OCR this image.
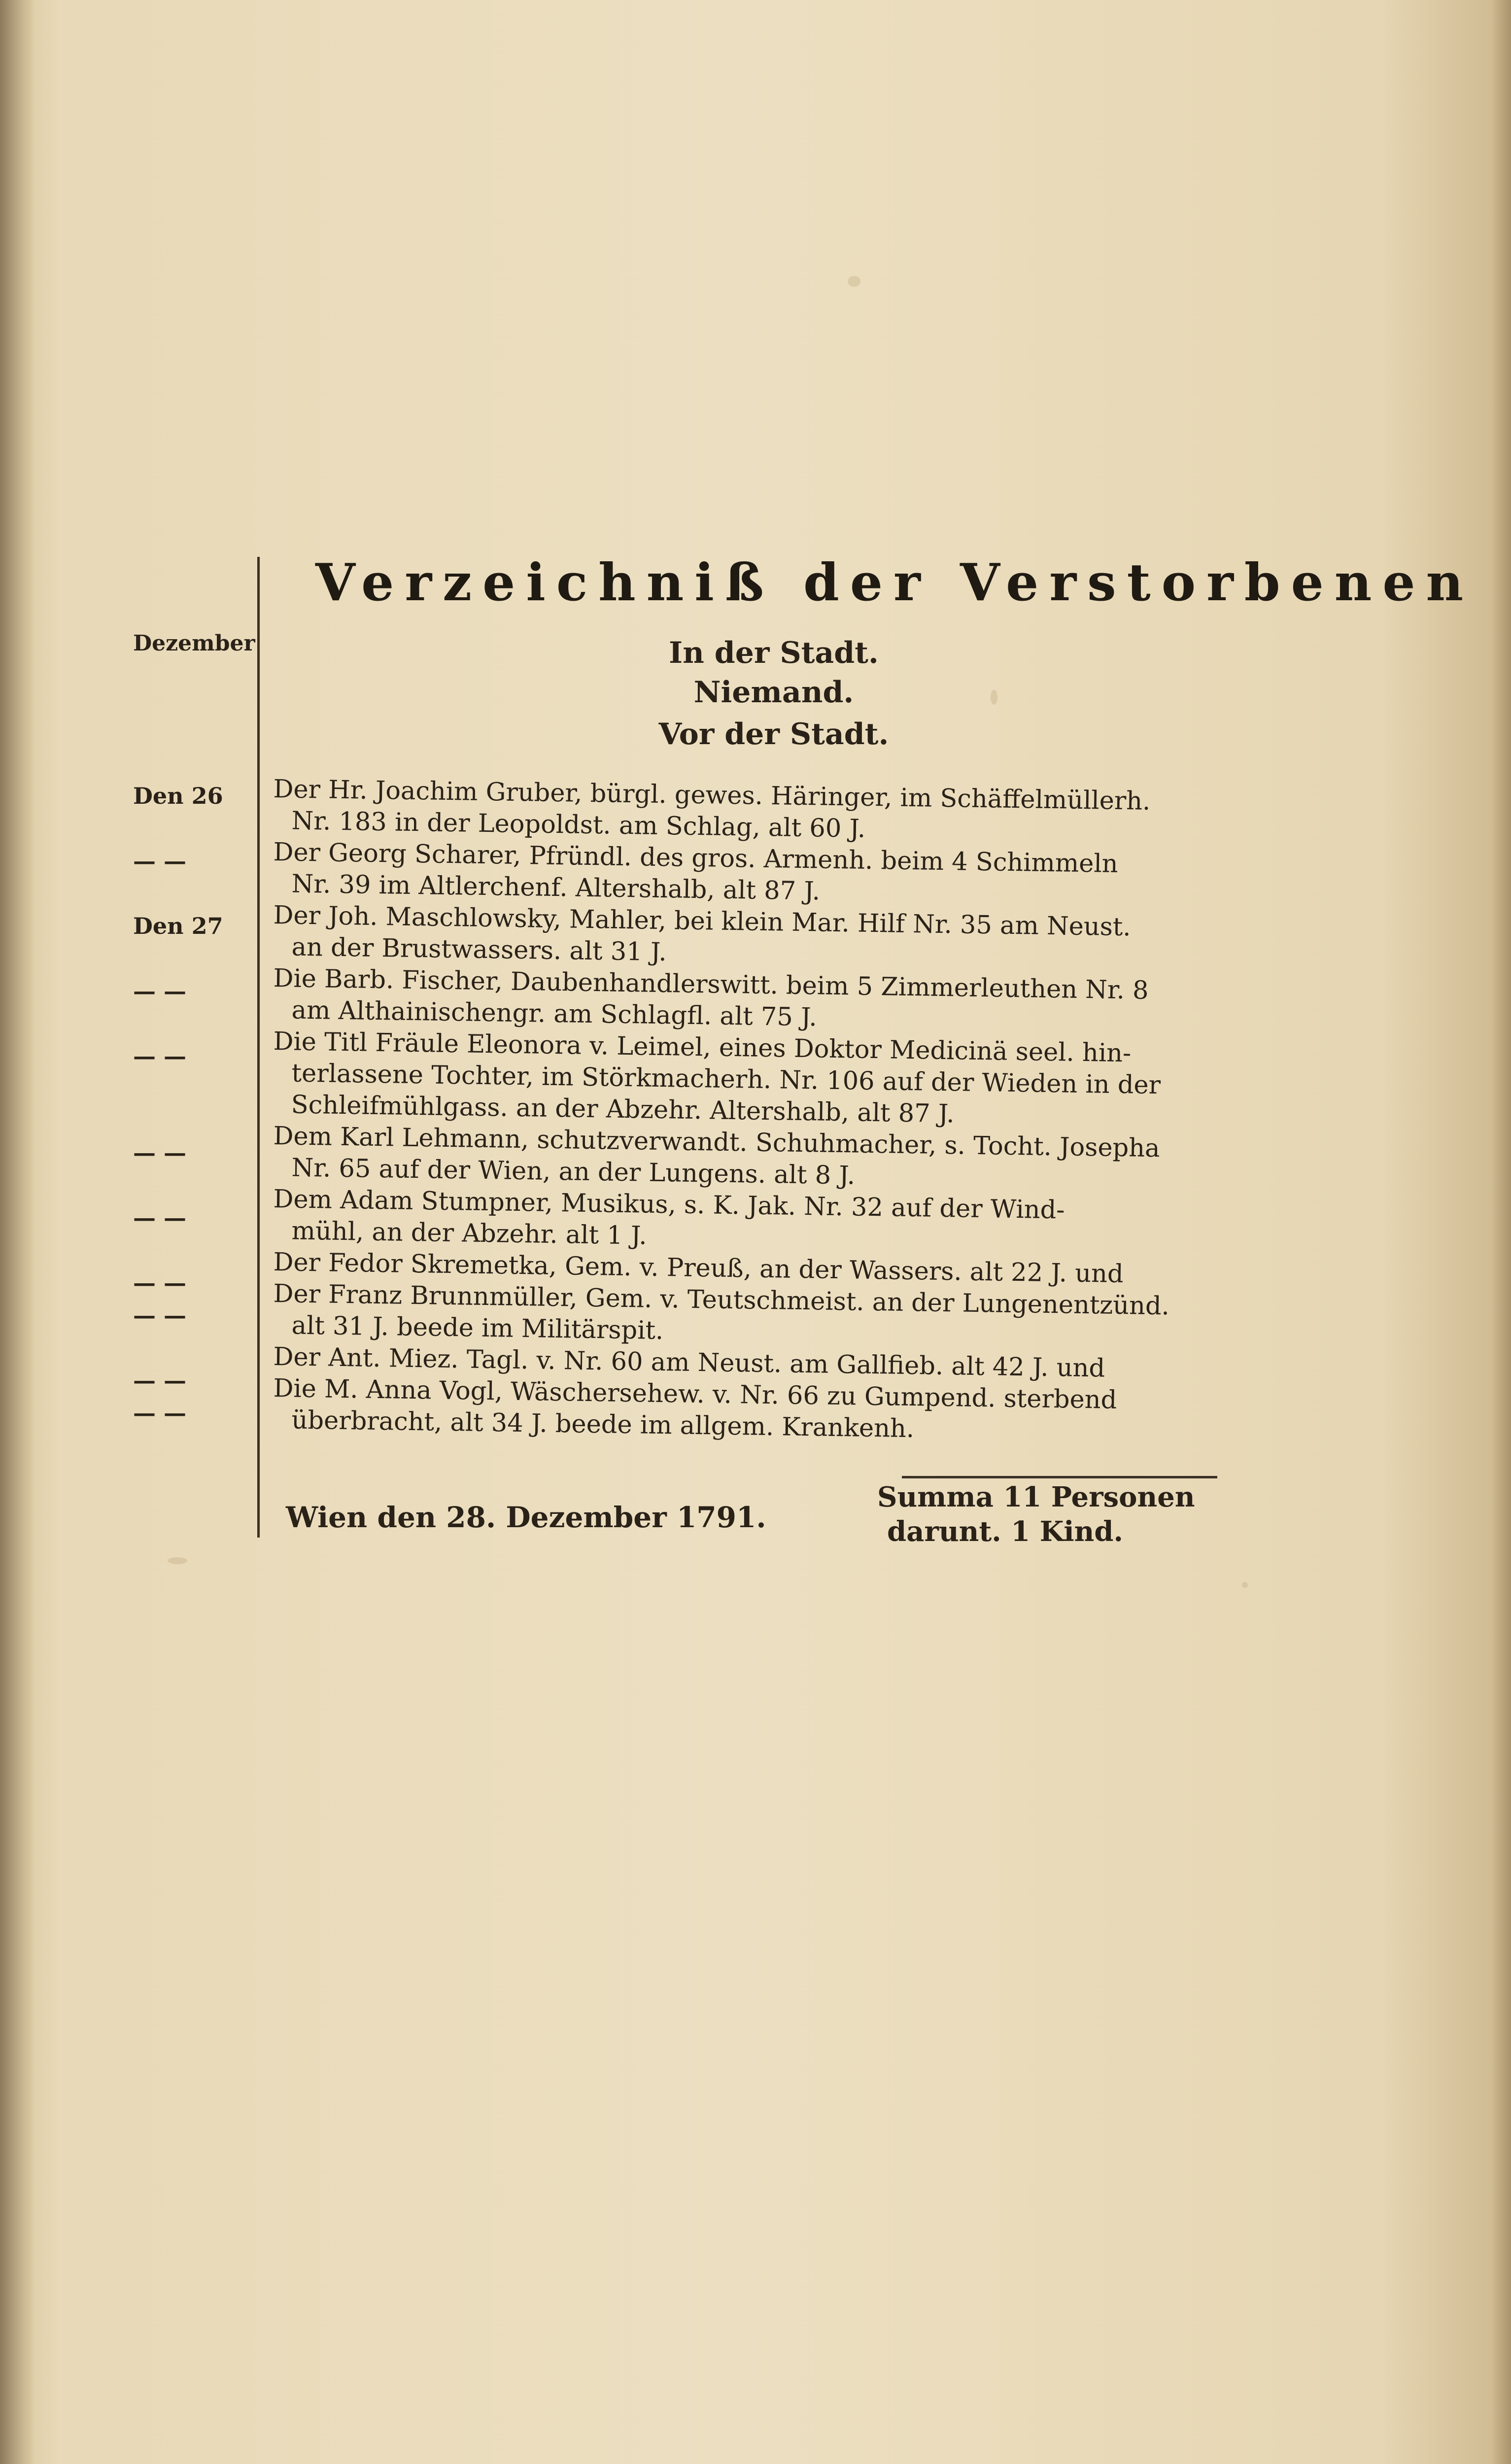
Dezember
Verzeichniß der Verstorbenen
In der Stadt.
Niemand.
Vor der Stadt.
Den 26
— —
Den 27
— —
— —
— —
— —
— —
— —
— —
— —
Der Hr. Joachim Gruber, bürgl. gewes. Häringer, im Schäffelmüllerh.
Nr. 183 in der Leopoldst. am Schlag, alt 60 J.
Der Georg Scharer, Pfründl. des gros. Armenh. beim 4 Schimmeln
Nr. 39 im Altlerchenf. Altershalb, alt 87 J.
Der Joh. Maschlowsky, Mahler, bei klein Mar. Hilf Nr. 35 am Neust.
an der Brustwassers. alt 31 J.
Die Barb. Fischer, Daubenhandlerswitt. beim 5 Zimmerleuthen Nr. 8
am Althainischengr. am Schlagfl. alt 75 J.
Die Titl Fräule Eleonora v. Leimel, eines Doktor Medicinä seel. hin-
terlassene Tochter, im Störkmacherh. Nr. 106 auf der Wieden in der
Schleifmühlgass. an der Abzehr. Altershalb, alt 87 J.
Dem Karl Lehmann, schutzverwandt. Schuhmacher, s. Tocht. Josepha
Nr. 65 auf der Wien, an der Lungens. alt 8 J.
Dem Adam Stumpner, Musikus, s. K. Jak. Nr. 32 auf der Wind-
mühl, an der Abzehr. alt 1 J.
Der Fedor Skremetka, Gem. v. Preuß, an der Wassers. alt 22 J. und
Der Franz Brunnmüller, Gem. v. Teutschmeist. an der Lungenentzünd.
alt 31 J. beede im Militärspit.
Der Ant. Miez. Tagl. v. Nr. 60 am Neust. am Gallfieb. alt 42 J. und
Die M. Anna Vogl, Wäschersehew. v. Nr. 66 zu Gumpend. sterbend
überbracht, alt 34 J. beede im allgem. Krankenh.
Wien den 28. Dezember 1791.
Summa 11 Personen
darunt. 1 Kind.
